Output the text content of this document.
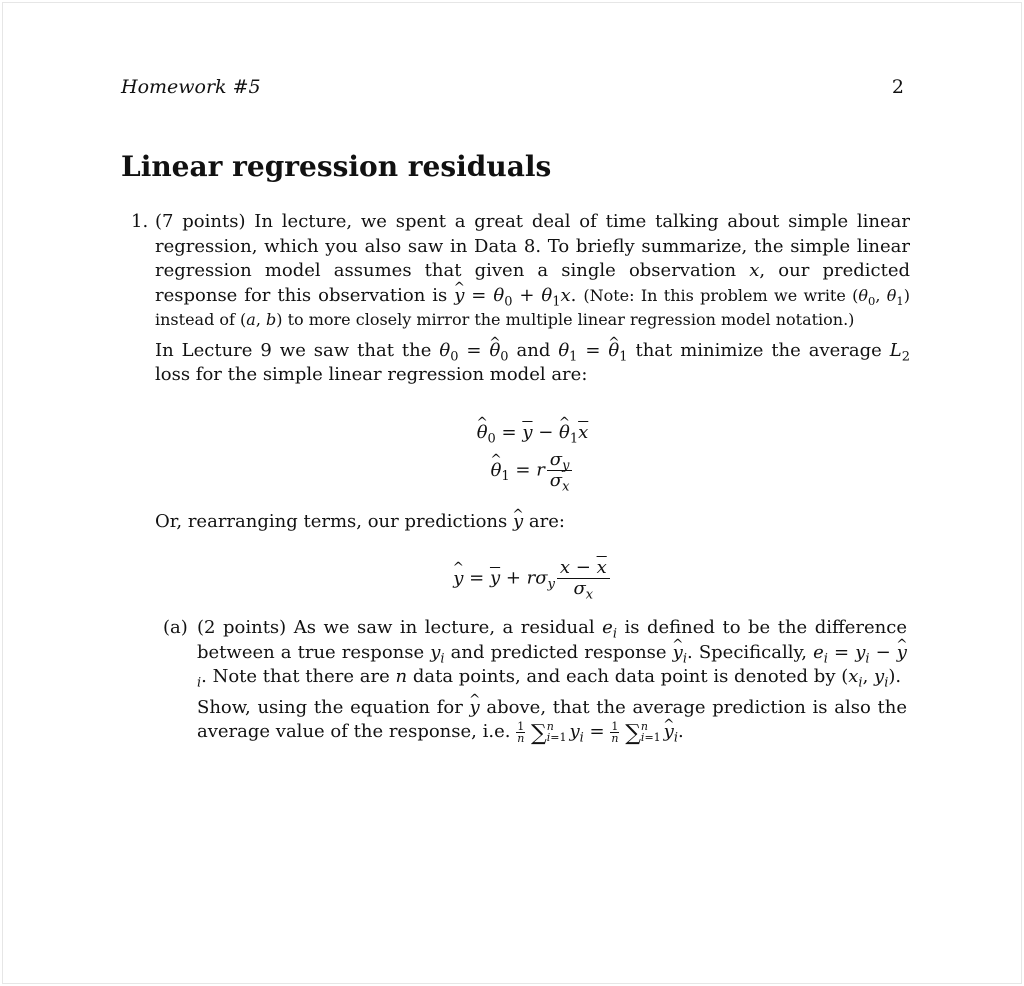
Homework #5	2
Linear regression residuals
1. (7 points) In lecture, we spent a great deal of time talking about simple linear regression, which you also saw in Data 8. To briefly summarize, the simple linear regression model assumes that given a single observation x, our predicted response for this observation is y ^ = $\theta_0 + \theta_1x$. (Note: In this problem we write ($\theta_0$, $\theta_1$) instead of (a, b) to more closely mirror the multiple linear regression model notation.)

In Lecture 9 we saw that the $\theta_0 = \theta$ $\^{}_0$ and $\theta_1 = \theta$ $\^{}_1$ that minimize the average $L_2$ loss for the simple linear regression model are:

θ $\^{}_0 = \overline{y} - \theta$ $\^{}_1\overline{x}$
θ $\^{}_1 = r \frac{\sigma_y}{\sigma_x}$

Or, rearranging terms, our predictions y ^ are:

y ^ = $\overline{y} + r\sigma_y \frac{x - \overline{x}}{\sigma_x}$
(a) (2 points) As we saw in lecture, a residual $e_i$ is defined to be the difference between a true response $y_i$ and predicted response y $\^{}_i$. Specifically, $e_i = y_i - y$ $\^{}_i$. Note that there are n data points, and each data point is denoted by ($x_i$, $y_i$).

Show, using the equation for y ^ above, that the average prediction is also the average value of the response, i.e. $\frac{1}{n}$ ∑ n
i=1 $y_i = \frac{1}{n}$ ∑ n
i=1 y $\^{}_i$.
